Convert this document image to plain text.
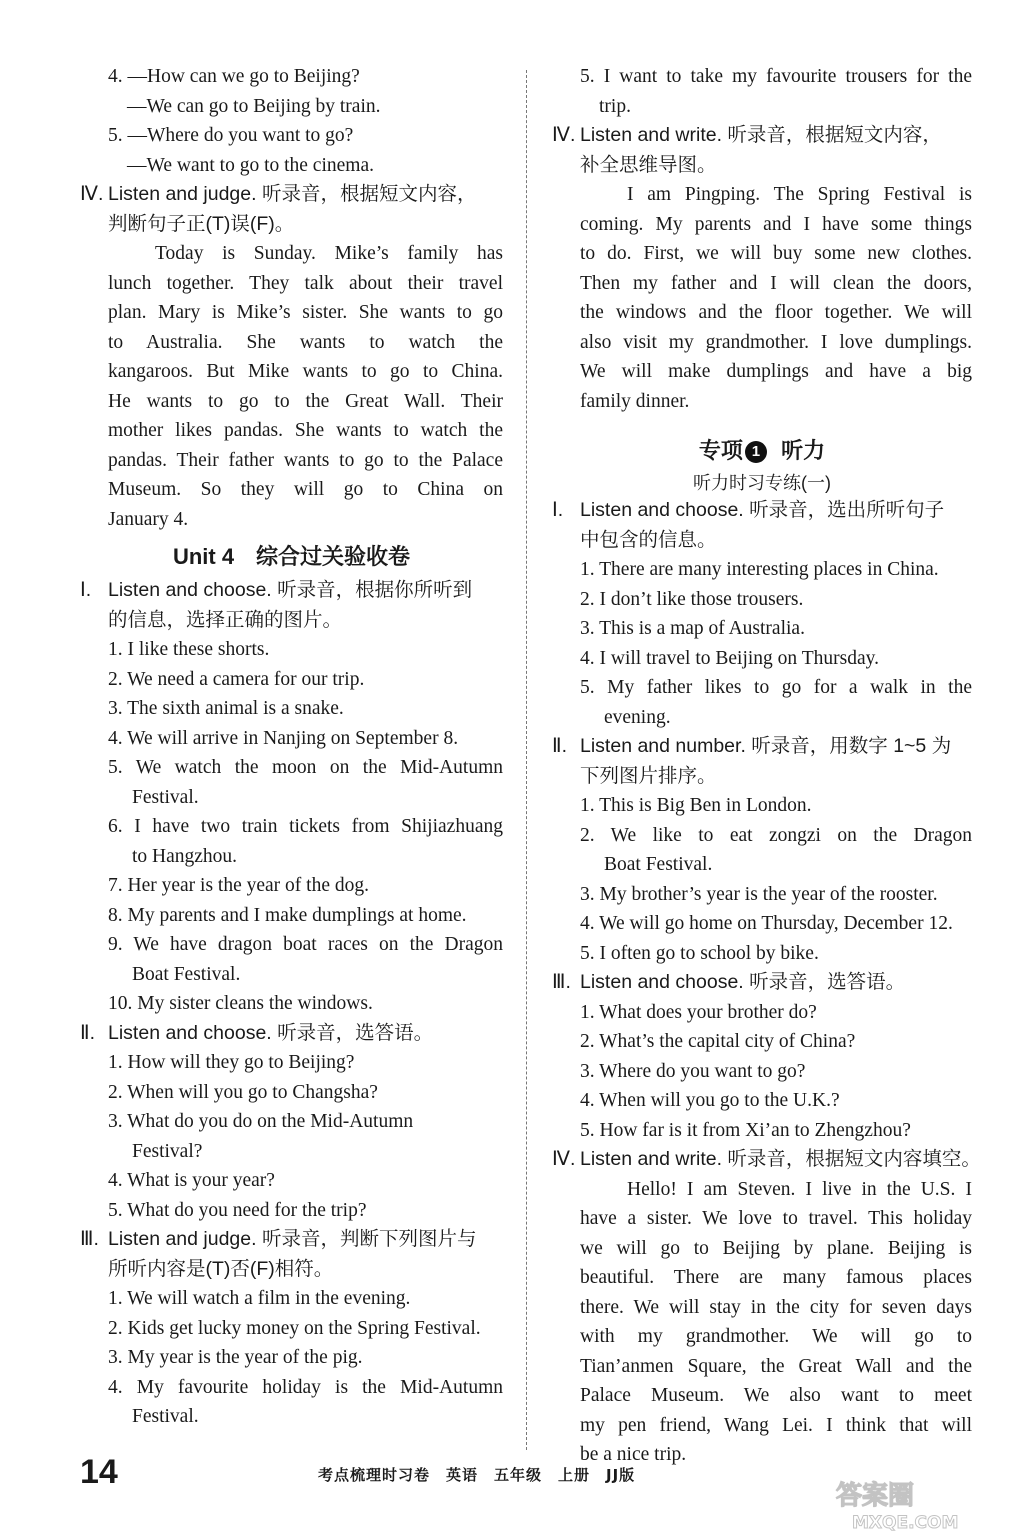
4. —How can we go to Beijing?
—We can go to Beijing by train.
5. —Where do you want to go?
—We want to go to the cinema.
Ⅳ. Listen and judge. 听录音，根据短文内容，
判断句子正(T)误(F)。
Today is Sunday. Mike’s family has
lunch together. They talk about their travel
plan. Mary is Mike’s sister. She wants to go
to Australia. She wants to watch the
kangaroos. But Mike wants to go to China.
He wants to go to the Great Wall. Their
mother likes pandas. She wants to watch the
pandas. Their father wants to go to the Palace
Museum. So they will go to China on
January 4.
Unit 4　综合过关验收卷
Ⅰ. Listen and choose. 听录音，根据你所听到
的信息，选择正确的图片。
1. I like these shorts.
2. We need a camera for our trip.
3. The sixth animal is a snake.
4. We will arrive in Nanjing on September 8.
5. We watch the moon on the Mid-Autumn
Festival.
6. I have two train tickets from Shijiazhuang
to Hangzhou.
7. Her year is the year of the dog.
8. My parents and I make dumplings at home.
9. We have dragon boat races on the Dragon
Boat Festival.
10. My sister cleans the windows.
Ⅱ. Listen and choose. 听录音，选答语。
1. How will they go to Beijing?
2. When will you go to Changsha?
3. What do you do on the Mid-Autumn
Festival?
4. What is your year?
5. What do you need for the trip?
Ⅲ. Listen and judge. 听录音，判断下列图片与
所听内容是(T)否(F)相符。
1. We will watch a film in the evening.
2. Kids get lucky money on the Spring Festival.
3. My year is the year of the pig.
4. My favourite holiday is the Mid-Autumn
Festival.
5. I want to take my favourite trousers for the
trip.
Ⅳ. Listen and write. 听录音，根据短文内容，
补全思维导图。
I am Pingping. The Spring Festival is
coming. My parents and I have some things
to do. First, we will buy some new clothes.
Then my father and I will clean the doors,
the windows and the floor together. We will
also visit my grandmother. I love dumplings.
We will make dumplings and have a big
family dinner.
专项 1 听力
听力时习专练(一)
Ⅰ. Listen and choose. 听录音，选出所听句子
中包含的信息。
1. There are many interesting places in China.
2. I don’t like those trousers.
3. This is a map of Australia.
4. I will travel to Beijing on Thursday.
5. My father likes to go for a walk in the
evening.
Ⅱ. Listen and number. 听录音，用数字 1~5 为
下列图片排序。
1. This is Big Ben in London.
2. We like to eat zongzi on the Dragon
Boat Festival.
3. My brother’s year is the year of the rooster.
4. We will go home on Thursday, December 12.
5. I often go to school by bike.
Ⅲ. Listen and choose. 听录音，选答语。
1. What does your brother do?
2. What’s the capital city of China?
3. Where do you want to go?
4. When will you go to the U.K.?
5. How far is it from Xi’an to Zhengzhou?
Ⅳ. Listen and write. 听录音，根据短文内容填空。
Hello! I am Steven. I live in the U.S. I
have a sister. We love to travel. This holiday
we will go to Beijing by plane. Beijing is
beautiful. There are many famous places
there. We will stay in the city for seven days
with my grandmother. We will go to
Tian’anmen Square, the Great Wall and the
Palace Museum. We also want to meet
my pen friend, Wang Lei. I think that will
be a nice trip.
14	考点梳理时习卷　英语　五年级　上册　JJ版
答案圈
MXQE.COM
